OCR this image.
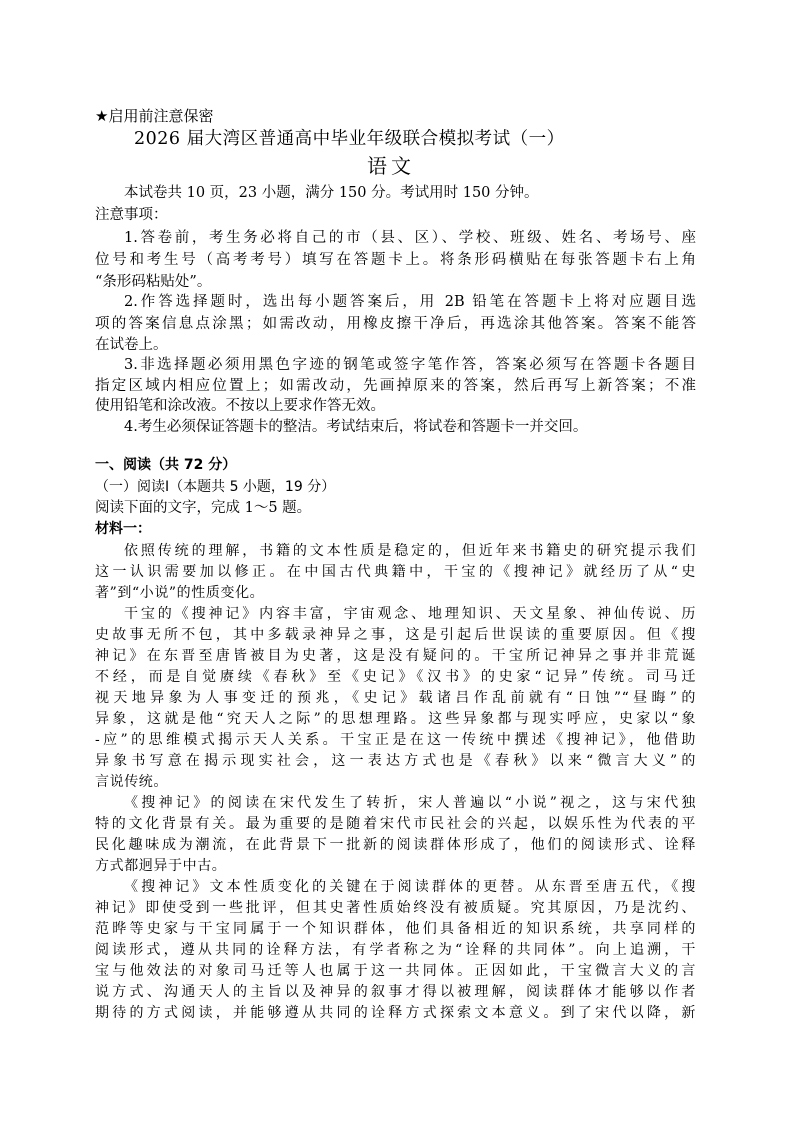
★启用前注意保密
2026 届大湾区普通高中毕业年级联合模拟考试（一）
语文
本试卷共 10 页，23 小题，满分 150 分。考试用时 150 分钟。
注意事项：
1.答卷前，考生务必将自己的市（县、区）、学校、班级、姓名、考场号、座
位号和考生号（高考考号）填写在答题卡上。将条形码横贴在每张答题卡右上角
“条形码粘贴处”。
2.作答选择题时，选出每小题答案后，用 2B 铅笔在答题卡上将对应题目选
项的答案信息点涂黑；如需改动，用橡皮擦干净后，再选涂其他答案。答案不能答
在试卷上。
3.非选择题必须用黑色字迹的钢笔或签字笔作答，答案必须写在答题卡各题目
指定区域内相应位置上；如需改动，先画掉原来的答案，然后再写上新答案；不准
使用铅笔和涂改液。不按以上要求作答无效。
4.考生必须保证答题卡的整洁。考试结束后，将试卷和答题卡一并交回。
一、阅读（共 72 分）
（一）阅读Ⅰ（本题共 5 小题，19 分）
阅读下面的文字，完成 1～5 题。
材料一：
依照传统的理解，书籍的文本性质是稳定的，但近年来书籍史的研究提示我们
这一认识需要加以修正。在中国古代典籍中，干宝的《搜神记》就经历了从“史
著”到“小说”的性质变化。
干宝的《搜神记》内容丰富，宇宙观念、地理知识、天文星象、神仙传说、历
史故事无所不包，其中多载录神异之事，这是引起后世误读的重要原因。但《搜
神记》在东晋至唐皆被目为史著，这是没有疑问的。干宝所记神异之事并非荒诞
不经，而是自觉赓续《春秋》至《史记》《汉书》的史家“记异”传统。司马迁
视天地异象为人事变迁的预兆，《史记》载诸吕作乱前就有“日蚀”“昼晦”的
异象，这就是他“究天人之际”的思想理路。这些异象都与现实呼应，史家以“象
-应”的思维模式揭示天人关系。干宝正是在这一传统中撰述《搜神记》，他借助
异象书写意在揭示现实社会，这一表达方式也是《春秋》以来“微言大义”的
言说传统。
《搜神记》的阅读在宋代发生了转折，宋人普遍以“小说”视之，这与宋代独
特的文化背景有关。最为重要的是随着宋代市民社会的兴起，以娱乐性为代表的平
民化趣味成为潮流，在此背景下一批新的阅读群体形成了，他们的阅读形式、诠释
方式都迥异于中古。
《搜神记》文本性质变化的关键在于阅读群体的更替。从东晋至唐五代，《搜
神记》即使受到一些批评，但其史著性质始终没有被质疑。究其原因，乃是沈约、
范晔等史家与干宝同属于一个知识群体，他们具备相近的知识系统，共享同样的
阅读形式，遵从共同的诠释方法，有学者称之为“诠释的共同体”。向上追溯，干
宝与他效法的对象司马迁等人也属于这一共同体。正因如此，干宝微言大义的言
说方式、沟通天人的主旨以及神异的叙事才得以被理解，阅读群体才能够以作者
期待的方式阅读，并能够遵从共同的诠释方式探索文本意义。到了宋代以降，新
